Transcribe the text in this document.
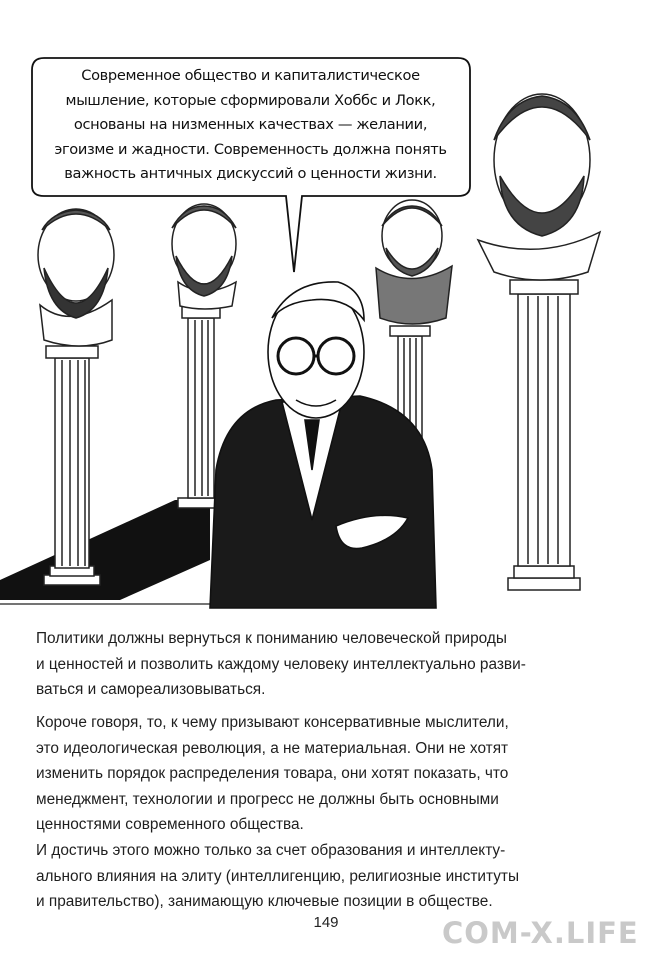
Современное общество и капиталистическое
мышление, которые сформировали Хоббс и Локк,
основаны на низменных качествах — желании,
эгоизме и жадности. Современность должна понять
важность античных дискуссий о ценности жизни.

Политики должны вернуться к пониманию человеческой природы
и ценностей и позволить каждому человеку интеллектуально разви-
ваться и самореализовываться.

Короче говоря, то, к чему призывают консервативные мыслители,
это идеологическая революция, а не материальная. Они не хотят
изменить порядок распределения товара, они хотят показать, что
менеджмент, технологии и прогресс не должны быть основными
ценностями современного общества.

И достичь этого можно только за счет образования и интеллекту-
ального влияния на элиту (интеллигенцию, религиозные институты
и правительство), занимающую ключевые позиции в обществе.

149	COM-X.LIFE
